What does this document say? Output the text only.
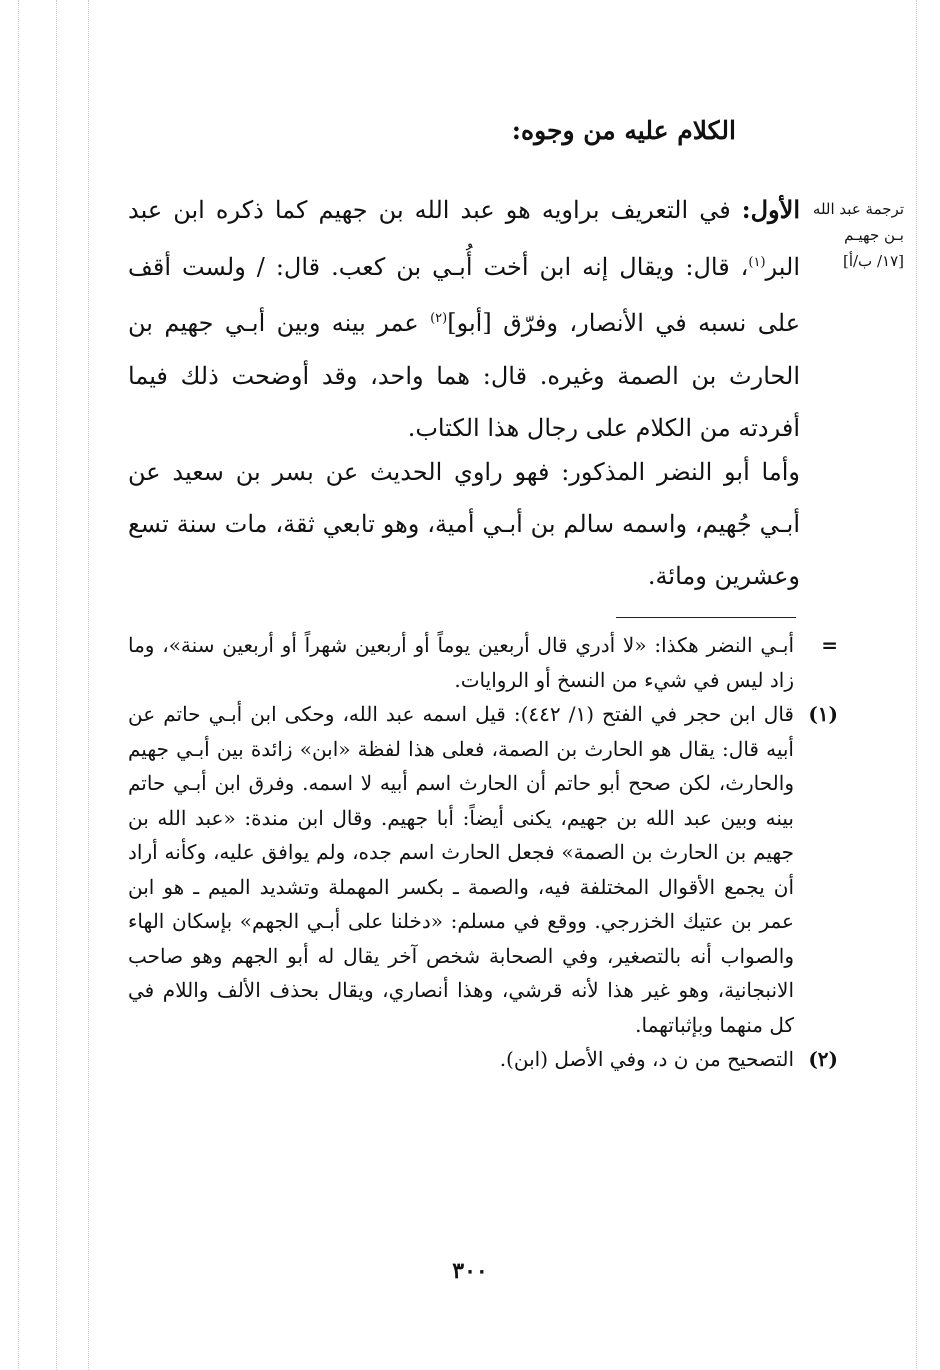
الكلام عليه من وجوه:
ترجمة عبد الله
بـن جهيـم
[١٧/ ب/أ]
الأول: في التعريف براويه هو عبد الله بن جهيم كما ذكره ابن عبد البر$^{(١)}$، قال: ويقال إنه ابن أخت أُبـي بن كعب. قال: / ولست أقف على نسبه في الأنصار، وفرّق [أبو]$^{(٢)}$ عمر بينه وبين أبـي جهيم بن الحارث بن الصمة وغيره. قال: هما واحد، وقد أوضحت ذلك فيما أفردته من الكلام على رجال هذا الكتاب.
وأما أبو النضر المذكور: فهو راوي الحديث عن بسر بن سعيد عن أبـي جُهيم، واسمه سالم بن أبـي أمية، وهو تابعي ثقة، مات سنة تسع وعشرين ومائة.
=
أبـي النضر هكذا: «لا أدري قال أربعين يوماً أو أربعين شهراً أو أربعين سنة»، وما زاد ليس في شيء من النسخ أو الروايات.
(١)
قال ابن حجر في الفتح (١/ ٤٤٢): قيل اسمه عبد الله، وحكى ابن أبـي حاتم عن أبيه قال: يقال هو الحارث بن الصمة، فعلى هذا لفظة «ابن» زائدة بين أبـي جهيم والحارث، لكن صحح أبو حاتم أن الحارث اسم أبيه لا اسمه. وفرق ابن أبـي حاتم بينه وبين عبد الله بن جهيم، يكنى أيضاً: أبا جهيم. وقال ابن مندة: «عبد الله بن جهيم بن الحارث بن الصمة» فجعل الحارث اسم جده، ولم يوافق عليه، وكأنه أراد أن يجمع الأقوال المختلفة فيه، والصمة ـ بكسر المهملة وتشديد الميم ـ هو ابن عمر بن عتيك الخزرجي. ووقع في مسلم: «دخلنا على أبـي الجهم» بإسكان الهاء والصواب أنه بالتصغير، وفي الصحابة شخص آخر يقال له أبو الجهم وهو صاحب الانبجانية، وهو غير هذا لأنه قرشي، وهذا أنصاري، ويقال بحذف الألف واللام في كل منهما وبإثباتهما.
(٢)
التصحيح من ن د، وفي الأصل (ابن).
٣٠٠
